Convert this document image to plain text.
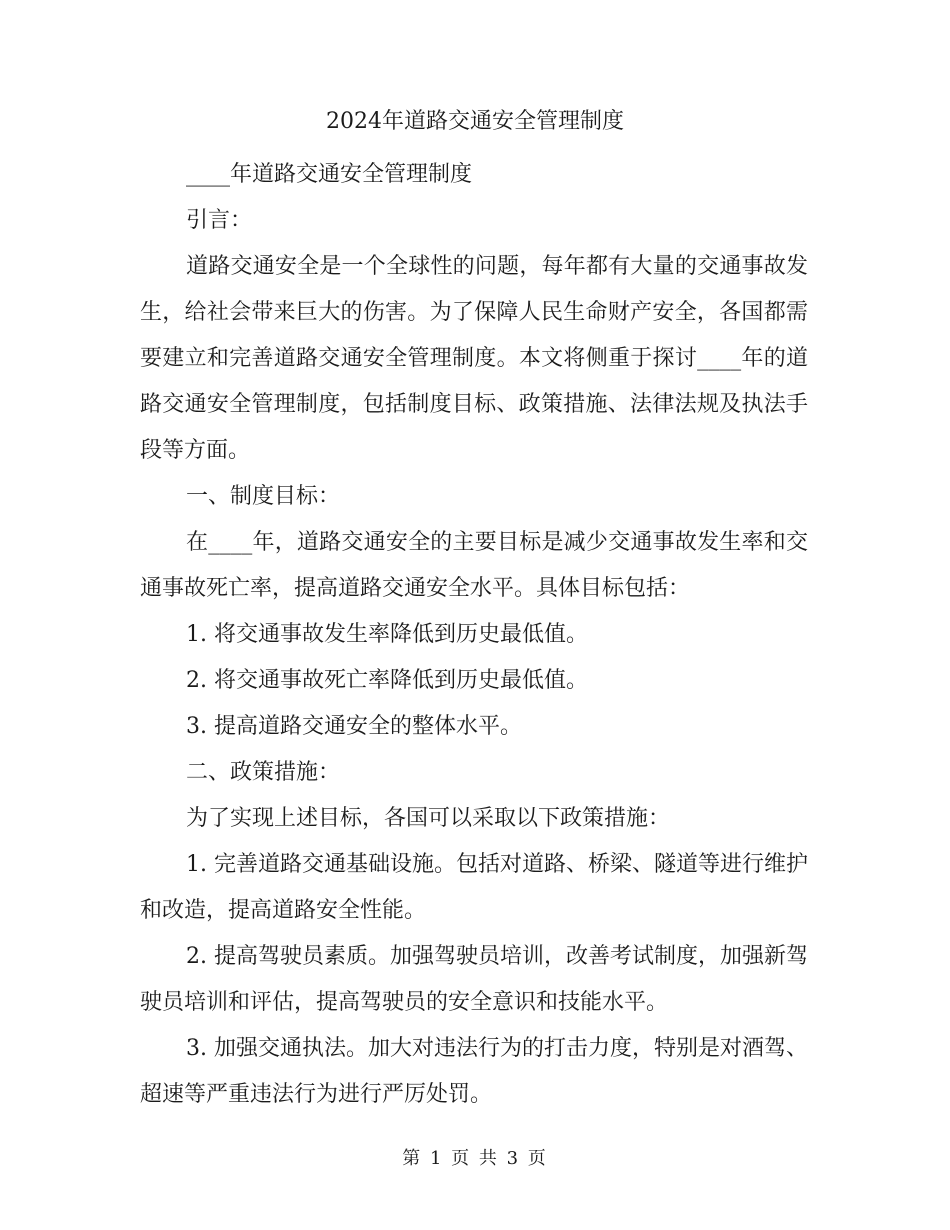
2024年道路交通安全管理制度

____年道路交通安全管理制度

引言：

道路交通安全是一个全球性的问题，每年都有大量的交通事故发生，给社会带来巨大的伤害。为了保障人民生命财产安全，各国都需要建立和完善道路交通安全管理制度。本文将侧重于探讨____年的道路交通安全管理制度，包括制度目标、政策措施、法律法规及执法手段等方面。

一、制度目标：

在____年，道路交通安全的主要目标是减少交通事故发生率和交通事故死亡率，提高道路交通安全水平。具体目标包括：

1. 将交通事故发生率降低到历史最低值。

2. 将交通事故死亡率降低到历史最低值。

3. 提高道路交通安全的整体水平。

二、政策措施：

为了实现上述目标，各国可以采取以下政策措施：

1. 完善道路交通基础设施。包括对道路、桥梁、隧道等进行维护和改造，提高道路安全性能。

2. 提高驾驶员素质。加强驾驶员培训，改善考试制度，加强新驾驶员培训和评估，提高驾驶员的安全意识和技能水平。

3. 加强交通执法。加大对违法行为的打击力度，特别是对酒驾、超速等严重违法行为进行严厉处罚。

第 1 页 共 3 页
